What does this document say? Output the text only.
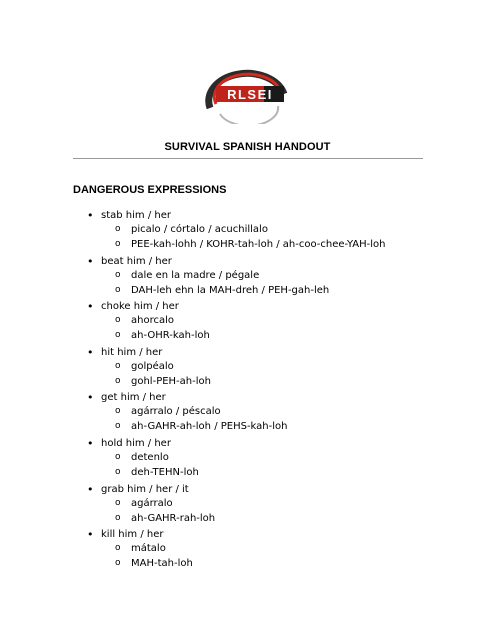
RLSEI
SURVIVAL SPANISH HANDOUT
DANGEROUS EXPRESSIONS
• stab him / her
o picalo / córtalo / acuchillalo
o PEE-kah-lohh / KOHR-tah-loh / ah-coo-chee-YAH-loh
• beat him / her
o dale en la madre / pégale
o DAH-leh ehn la MAH-dreh / PEH-gah-leh
• choke him / her
o ahorcalo
o ah-OHR-kah-loh
• hit him / her
o golpéalo
o gohl-PEH-ah-loh
• get him / her
o agárralo / péscalo
o ah-GAHR-ah-loh / PEHS-kah-loh
• hold him / her
o detenlo
o deh-TEHN-loh
• grab him / her / it
o agárralo
o ah-GAHR-rah-loh
• kill him / her
o mátalo
o MAH-tah-loh
